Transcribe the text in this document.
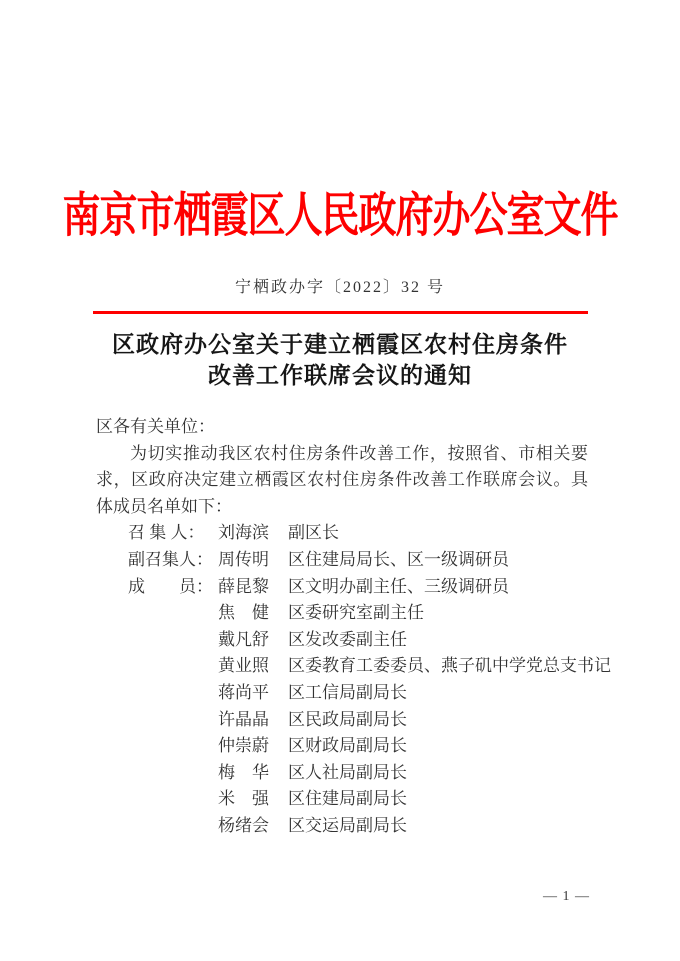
南京市栖霞区人民政府办公室文件
宁栖政办字〔2022〕32 号
区政府办公室关于建立栖霞区农村住房条件
改善工作联席会议的通知

区各有关单位：

为切实推动我区农村住房条件改善工作，按照省、市相关要求，区政府决定建立栖霞区农村住房条件改善工作联席会议。具体成员名单如下：

召 集 人： 刘海滨 副区长
副召集人： 周传明 区住建局局长、区一级调研员
成　　员： 薛昆黎 区文明办副主任、三级调研员
焦　健 区委研究室副主任
戴凡舒 区发改委副主任
黄业照 区委教育工委委员、燕子矶中学党总支书记
蒋尚平 区工信局副局长
许晶晶 区民政局副局长
仲崇蔚 区财政局副局长
梅　华 区人社局副局长
米　强 区住建局副局长
杨绪会 区交运局副局长
— 1 —
